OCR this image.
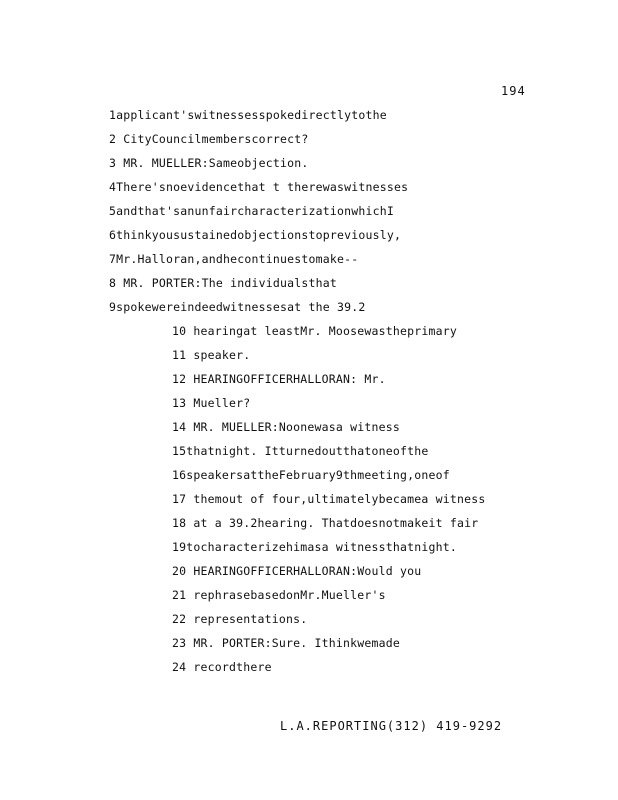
194
1applicant'switnessesspokedirectlytothe
2 CityCouncilmemberscorrect?
3 MR. MUELLER:Sameobjection.
4There'snoevidencethat t therewaswitnesses
5andthat'sanunfaircharacterizationwhichI
6thinkyousustainedobjectionstopreviously,
7Mr.Halloran,andhecontinuestomake--
8 MR. PORTER:The individualsthat
9spokewereindeedwitnessesat the 39.2
10 hearingat leastMr. Moosewastheprimary
11 speaker.
12 HEARINGOFFICERHALLORAN: Mr.
13 Mueller?
14 MR. MUELLER:Noonewasa witness
15thatnight. Itturnedoutthatoneofthe
16speakersattheFebruary9thmeeting,oneof
17 themout of four,ultimatelybecamea witness
18 at a 39.2hearing. Thatdoesnotmakeit fair
19tocharacterizehimasa witnessthatnight.
20 HEARINGOFFICERHALLORAN:Would you
21 rephrasebasedonMr.Mueller's
22 representations.
23 MR. PORTER:Sure. Ithinkwemade
24 recordthere
L.A.REPORTING(312) 419-9292
